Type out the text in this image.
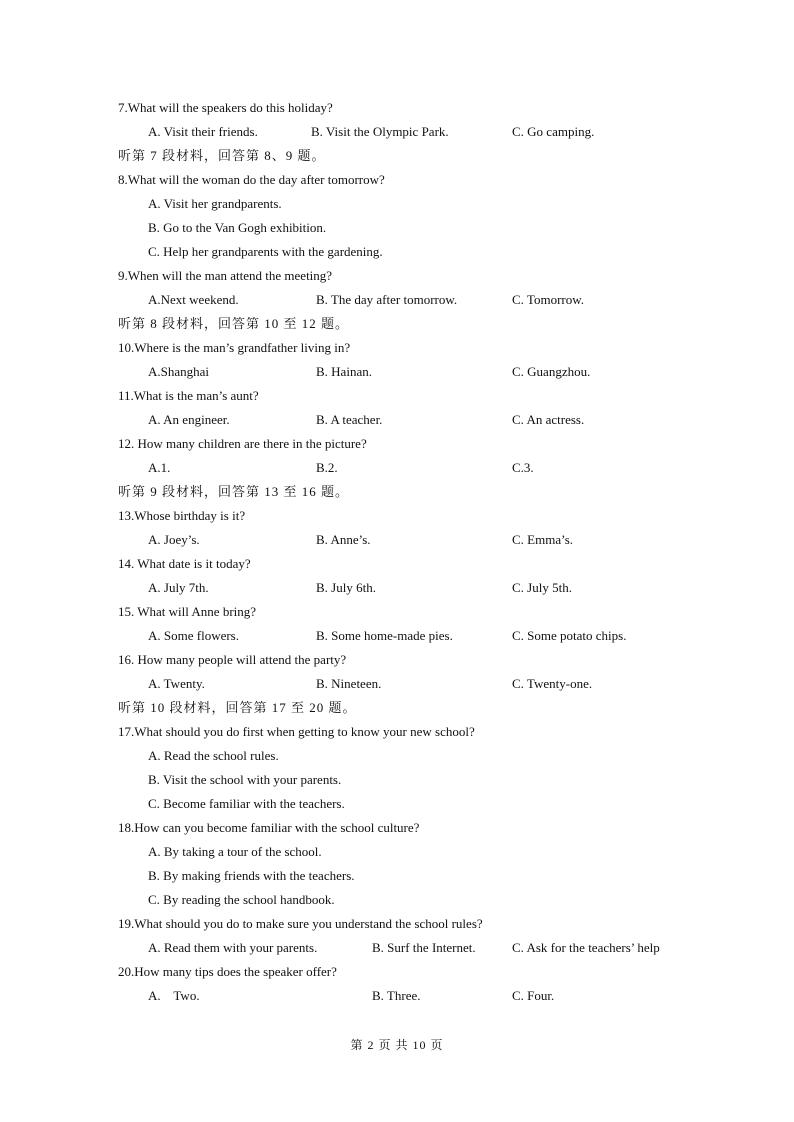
7.What will the speakers do this holiday?
A. Visit their friends.	B. Visit the Olympic Park.	C. Go camping.
听第 7 段材料，回答第 8、9 题。
8.What will the woman do the day after tomorrow?
A. Visit her grandparents.
B. Go to the Van Gogh exhibition.
C. Help her grandparents with the gardening.
9.When will the man attend the meeting?
A.Next weekend.	B. The day after tomorrow.	C. Tomorrow.
听第 8 段材料，回答第 10 至 12 题。
10.Where is the man’s grandfather living in?
A.Shanghai	B. Hainan.	C. Guangzhou.
11.What is the man’s aunt?
A. An engineer.	B. A teacher.	C. An actress.
12. How many children are there in the picture?
A.1.	B.2.	C.3.
听第 9 段材料，回答第 13 至 16 题。
13.Whose birthday is it?
A. Joey’s.	B. Anne’s.	C. Emma’s.
14. What date is it today?
A. July 7th.	B. July 6th.	C. July 5th.
15. What will Anne bring?
A. Some flowers.	B. Some home-made pies.	C. Some potato chips.
16. How many people will attend the party?
A. Twenty.	B. Nineteen.	C. Twenty-one.
听第 10 段材料，回答第 17 至 20 题。
17.What should you do first when getting to know your new school?
A. Read the school rules.
B. Visit the school with your parents.
C. Become familiar with the teachers.
18.How can you become familiar with the school culture?
A. By taking a tour of the school.
B. By making friends with the teachers.
C. By reading the school handbook.
19.What should you do to make sure you understand the school rules?
A. Read them with your parents.	B. Surf the Internet.	C. Ask for the teachers’ help
20.How many tips does the speaker offer?
A.    Two.	B. Three.	C. Four.
第 2 页 共 10 页
